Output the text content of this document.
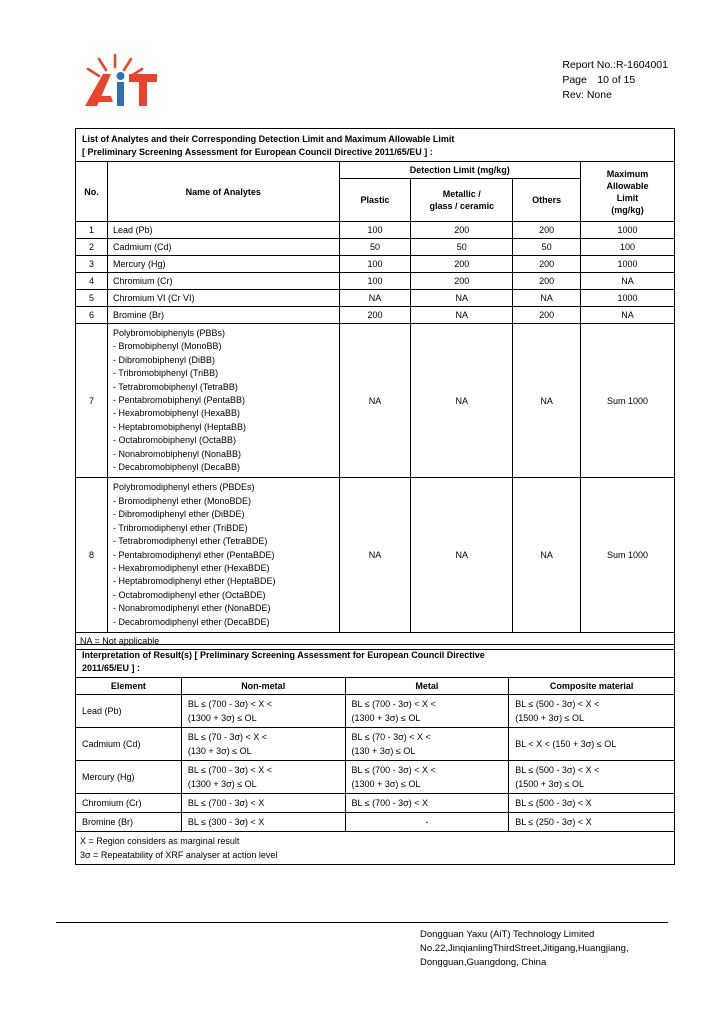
Report No.:R-1604001
Page 10 of 15
Rev: None
List of Analytes and their Corresponding Detection Limit and Maximum Allowable Limit
[ Preliminary Screening Assessment for European Council Directive 2011/65/EU ] :
No.	Name of Analytes	Detection Limit (mg/kg)			Maximum
Allowable
Limit
(mg/kg)

		Plastic	Metallic /
glass / ceramic	Others	
1	Lead (Pb)	100	200	200	1000
2	Cadmium (Cd)	50	50	50	100
3	Mercury (Hg)	100	200	200	1000
4	Chromium (Cr)	100	200	200	NA
5	Chromium VI (Cr VI)	NA	NA	NA	1000
6	Bromine (Br)	200	NA	200	NA
7	
Polybromobiphenyls (PBBs)
- Bromobiphenyl (MonoBB)
- Dibromobiphenyl (DiBB)
- Tribromobiphenyl (TriBB)
- Tetrabromobiphenyl (TetraBB)
- Pentabromobiphenyl (PentaBB)
- Hexabromobiphenyl (HexaBB)
- Heptabromobiphenyl (HeptaBB)
- Octabromobiphenyl (OctaBB)
- Nonabromobiphenyl (NonaBB)
- Decabromobiphenyl (DecaBB)
	NA	NA	NA	Sum 1000
8	
Polybromodiphenyl ethers (PBDEs)
- Bromodiphenyl ether (MonoBDE)
- Dibromodiphenyl ether (DiBDE)
- Tribromodiphenyl ether (TriBDE)
- Tetrabromodiphenyl ether (TetraBDE)
- Pentabromodiphenyl ether (PentaBDE)
- Hexabromodiphenyl ether (HexaBDE)
- Heptabromodiphenyl ether (HeptaBDE)
- Octabromodiphenyl ether (OctaBDE)
- Nonabromodiphenyl ether (NonaBDE)
- Decabromodiphenyl ether (DecaBDE)
	NA	NA	NA	Sum 1000
NA = Not applicable					
Interpretation of Result(s) [ Preliminary Screening Assessment for European Council Directive
2011/65/EU ] :
Element	Non-metal	Metal	Composite material
Lead (Pb)	BL ≤ (700 - 3σ) < X <
(1300 + 3σ) ≤ OL	BL ≤ (700 - 3σ) < X <
(1300 + 3σ) ≤ OL	BL ≤ (500 - 3σ) < X <
(1500 + 3σ) ≤ OL

Cadmium (Cd)	BL ≤ (70 - 3σ) < X <
(130 + 3σ) ≤ OL	BL ≤ (70 - 3σ) < X <
(130 + 3σ) ≤ OL	BL < X < (150 + 3σ) ≤ OL

Mercury (Hg)	BL ≤ (700 - 3σ) < X <
(1300 + 3σ) ≤ OL	BL ≤ (700 - 3σ) < X <
(1300 + 3σ) ≤ OL	BL ≤ (500 - 3σ) < X <
(1500 + 3σ) ≤ OL

Chromium (Cr)	BL ≤ (700 - 3σ) < X	BL ≤ (700 - 3σ) < X	BL ≤ (500 - 3σ) < X

Bromine (Br)	BL ≤ (300 - 3σ) < X	-	BL ≤ (250 - 3σ) < X

X = Region considers as marginal result
3σ = Repeatability of XRF analyser at action level			
Dongguan Yaxu (AiT) Technology Limited
No.22,JinqianlingThirdStreet,Jitigang,Huangjiang,
Dongguan,Guangdong, China
